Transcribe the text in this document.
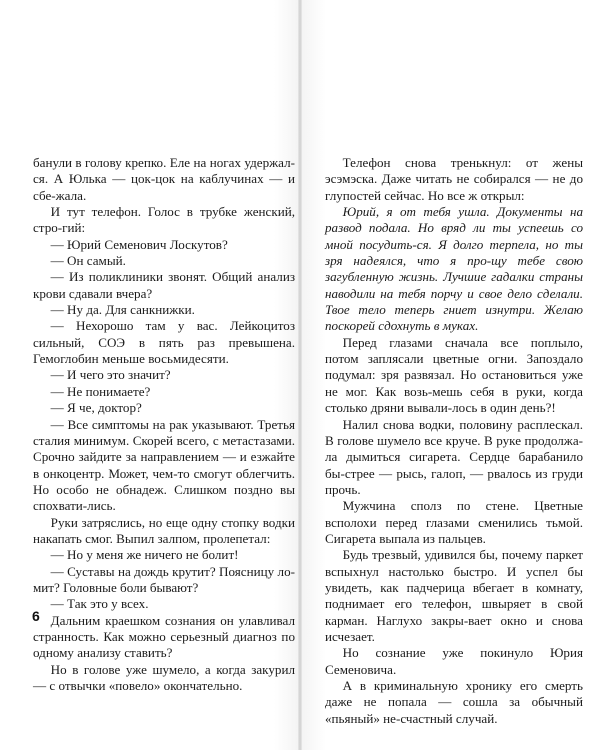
банули в голову крепко. Еле на ногах удержал-ся. А Юлька — цок-цок на каблучинах — и сбе-жала.

И тут телефон. Голос в трубке женский, стро-гий:

— Юрий Семенович Лоскутов?

— Он самый.

— Из поликлиники звонят. Общий анализ крови сдавали вчера?

— Ну да. Для санкнижки.

— Нехорошо там у вас. Лейкоцитоз сильный, СОЭ в пять раз превышена. Гемоглобин меньше восьмидесяти.

— И чего это значит?

— Не понимаете?

— Я че, доктор?

— Все симптомы на рак указывают. Третья сталия минимум. Скорей всего, с метастазами. Срочно зайдите за направлением — и езжайте в онкоцентр. Может, чем-то смогут облегчить. Но особо не обнадеж. Слишком поздно вы спохвати-лись.

Руки затряслись, но еще одну стопку водки накапать смог. Выпил залпом, пролепетал:

— Но у меня же ничего не болит!

— Суставы на дождь крутит? Поясницу ло-мит? Головные боли бывают?

— Так это у всех.

Дальним краешком сознания он улавливал странность. Как можно серьезный диагноз по одному анализу ставить?

Но в голове уже шумело, а когда закурил — с отвычки «повело» окончательно.

6

Телефон снова тренькнул: от жены эсэмэска. Даже читать не собирался — не до глупостей сейчас. Но все ж открыл:

Юрий, я от тебя ушла. Документы на развод подала. Но вряд ли ты успеешь со мной посудить-ся. Я долго терпела, но ты зря надеялся, что я про-щу тебе свою загубленную жизнь. Лучшие гадалки страны наводили на тебя порчу и свое дело сделали. Твое тело теперь гниет изнутри. Желаю поскорей сдохнуть в муках.

Перед глазами сначала все поплыло, потом заплясали цветные огни. Запоздало подумал: зря развязал. Но остановиться уже не мог. Как возь-мешь себя в руки, когда столько дряни вывали-лось в один день?!

Налил снова водки, половину расплескал. В голове шумело все круче. В руке продолжа-ла дымиться сигарета. Сердце барабанило бы-стрее — рысь, галоп, — рвалось из груди прочь.

Мужчина сполз по стене. Цветные всполохи перед глазами сменились тьмой. Сигарета выпала из пальцев.

Будь трезвый, удивился бы, почему паркет вспыхнул настолько быстро. И успел бы увидеть, как падчерица вбегает в комнату, поднимает его телефон, швыряет в свой карман. Наглухо закры-вает окно и снова исчезает.

Но сознание уже покинуло Юрия Семеновича.

А в криминальную хронику его смерть даже не попала — сошла за обычный «пьяный» не-счастный случай.
